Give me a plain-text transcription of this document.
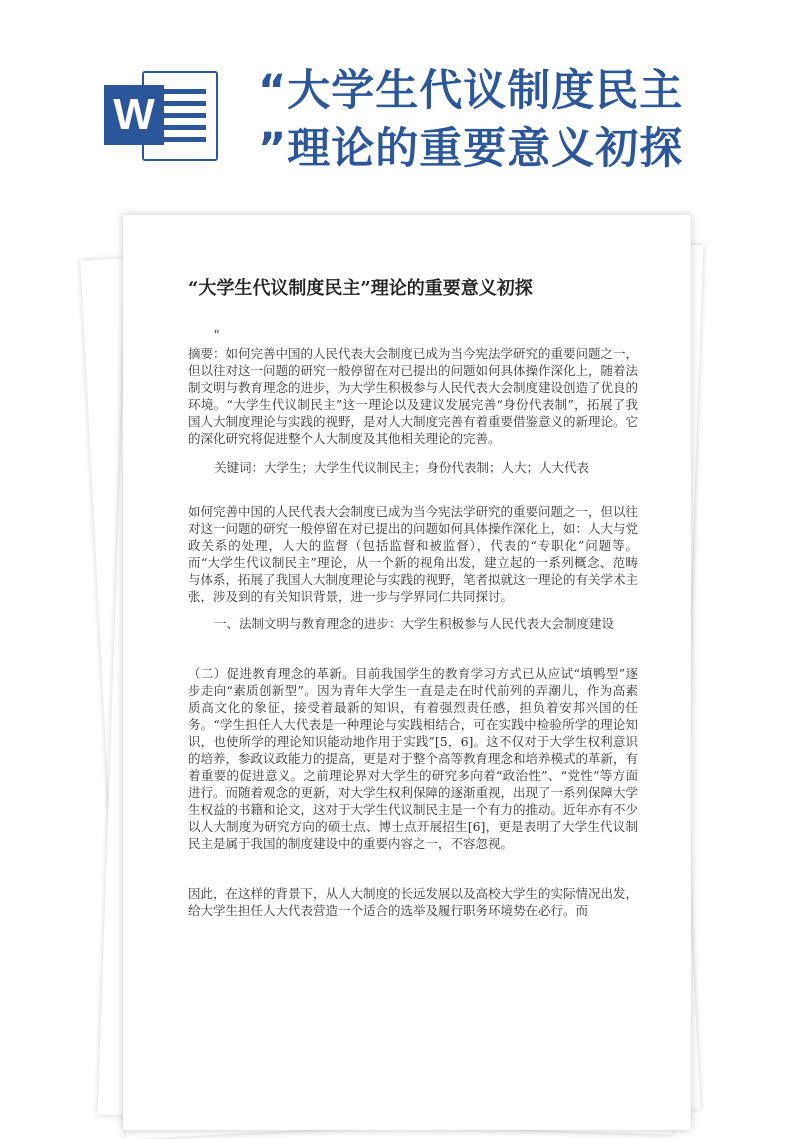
W “大学生代议制度民主
”理论的重要意义初探
“大学生代议制度民主”理论的重要意义初探
"

摘要：如何完善中国的人民代表大会制度已成为当今宪法学研究的重要问题之一，但以往对这一问题的研究一般停留在对已提出的问题如何具体操作深化上，随着法制文明与教育理念的进步，为大学生积极参与人民代表大会制度建设创造了优良的环境。“大学生代议制民主”这一理论以及建议发展完善“身份代表制”，拓展了我国人大制度理论与实践的视野，是对人大制度完善有着重要借鉴意义的新理论。它的深化研究将促进整个人大制度及其他相关理论的完善。

关键词：大学生；大学生代议制民主；身份代表制；人大；人大代表

如何完善中国的人民代表大会制度已成为当今宪法学研究的重要问题之一，但以往对这一问题的研究一般停留在对已提出的问题如何具体操作深化上，如：人大与党政关系的处理，人大的监督（包括监督和被监督），代表的“专职化”问题等。而“大学生代议制民主”理论，从一个新的视角出发，建立起的一系列概念、范畴与体系，拓展了我国人大制度理论与实践的视野，笔者拟就这一理论的有关学术主张，涉及到的有关知识背景，进一步与学界同仁共同探讨。

一、法制文明与教育理念的进步：大学生积极参与人民代表大会制度建设

（二）促进教育理念的革新。目前我国学生的教育学习方式已从应试“填鸭型”逐步走向“素质创新型”。因为青年大学生一直是走在时代前列的弄潮儿，作为高素质高文化的象征，接受着最新的知识，有着强烈责任感，担负着安邦兴国的任务。“学生担任人大代表是一种理论与实践相结合，可在实践中检验所学的理论知识，也使所学的理论知识能动地作用于实践”[5，6]。这不仅对于大学生权利意识的培养，参政议政能力的提高，更是对于整个高等教育理念和培养模式的革新，有着重要的促进意义。之前理论界对大学生的研究多向着“政治性”、“党性”等方面进行。而随着观念的更新，对大学生权利保障的逐渐重视，出现了一系列保障大学生权益的书籍和论文，这对于大学生代议制民主是一个有力的推动。近年亦有不少以人大制度为研究方向的硕士点、博士点开展招生[6]，更是表明了大学生代议制民主是属于我国的制度建设中的重要内容之一，不容忽视。

因此，在这样的背景下，从人大制度的长远发展以及高校大学生的实际情况出发，给大学生担任人大代表营造一个适合的选举及履行职务环境势在必行。而
